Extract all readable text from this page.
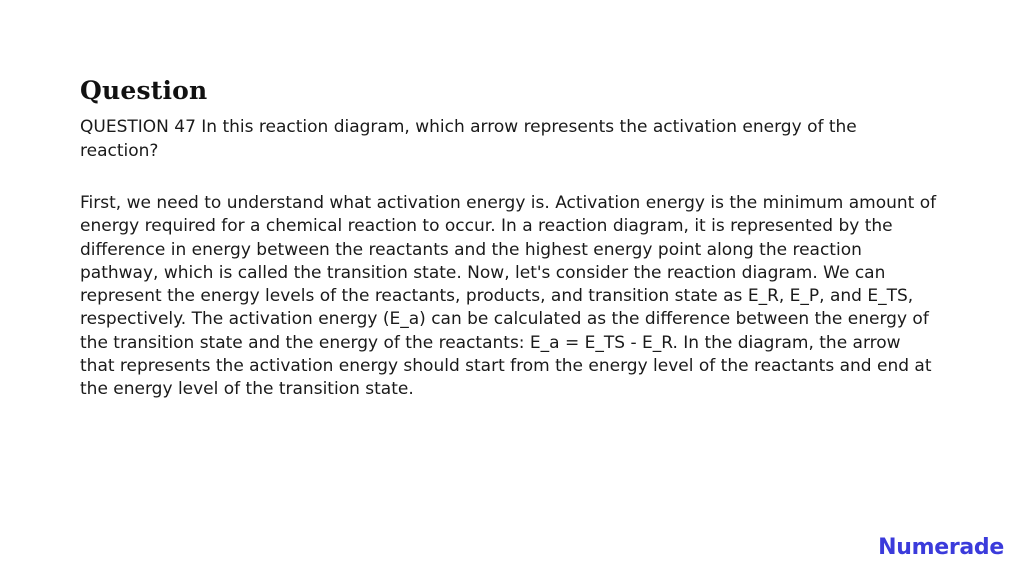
Question

QUESTION 47 In this reaction diagram, which arrow represents the activation energy of the reaction?

First, we need to understand what activation energy is. Activation energy is the minimum amount of energy required for a chemical reaction to occur. In a reaction diagram, it is represented by the difference in energy between the reactants and the highest energy point along the reaction pathway, which is called the transition state. Now, let's consider the reaction diagram. We can represent the energy levels of the reactants, products, and transition state as E_R, E_P, and E_TS, respectively. The activation energy (E_a) can be calculated as the difference between the energy of the transition state and the energy of the reactants: E_a = E_TS - E_R. In the diagram, the arrow that represents the activation energy should start from the energy level of the reactants and end at the energy level of the transition state.

Numerade
